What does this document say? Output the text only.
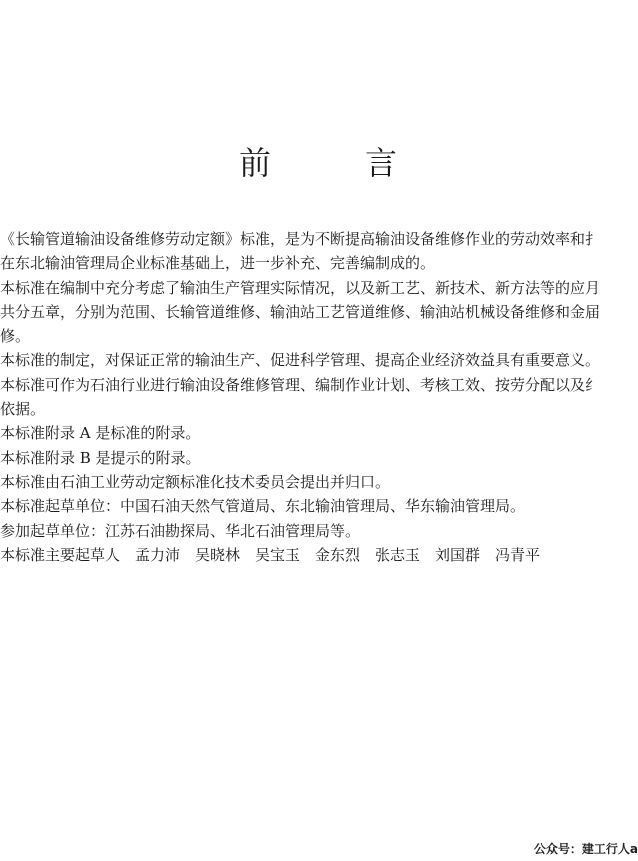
前	言
《长输管道输油设备维修劳动定额》标准，是为不断提高输油设备维修作业的劳动效率和扌
在东北输油管理局企业标准基础上，进一步补充、完善编制成的。
本标准在编制中充分考虑了输油生产管理实际情况，以及新工艺、新技术、新方法等的应月
共分五章，分别为范围、长输管道维修、输油站工艺管道维修、输油站机械设备维修和金届
修。
本标准的制定，对保证正常的输油生产、促进科学管理、提高企业经济效益具有重要意义。
本标准可作为石油行业进行输油设备维修管理、编制作业计划、考核工效、按劳分配以及纟
依据。
本标准附录 A 是标准的附录。
本标准附录 B 是提示的附录。
本标准由石油工业劳动定额标准化技术委员会提出并归口。
本标准起草单位：中国石油天然气管道局、东北输油管理局、华东输油管理局。
参加起草单位：江苏石油勘探局、华北石油管理局等。
本标准主要起草人　孟力沛　吴晓林　吴宝玉　金东烈　张志玉　刘国群　冯青平
公众号：建工行人a
